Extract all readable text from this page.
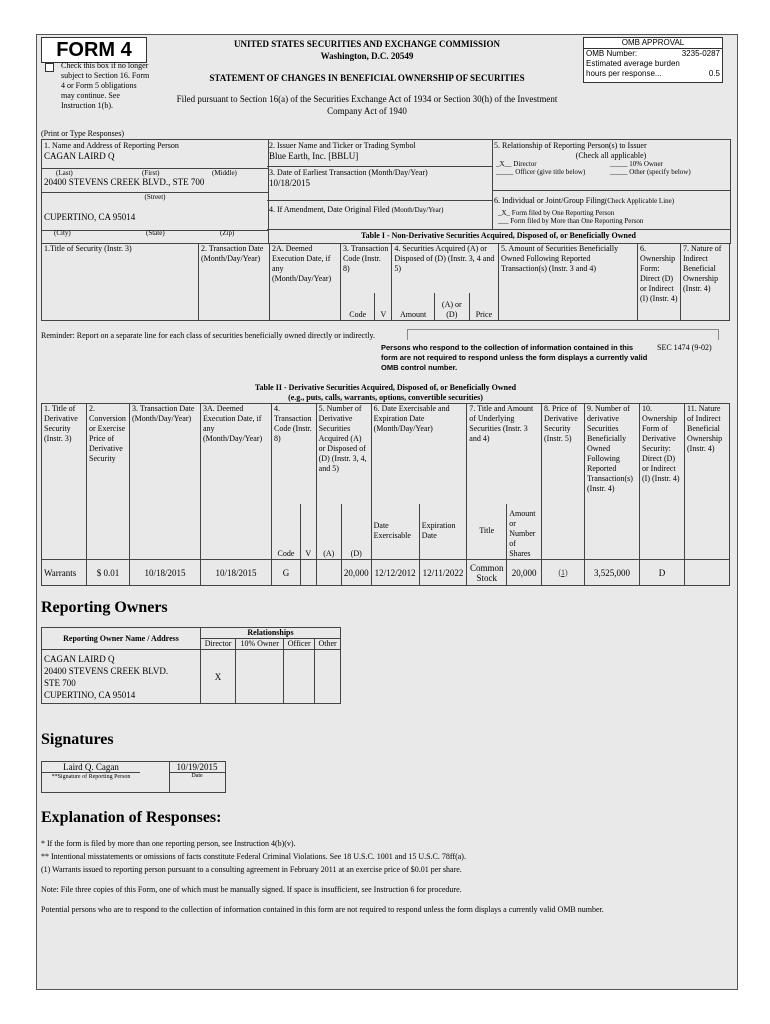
FORM 4
Check this box if no longer subject to Section 16. Form 4 or Form 5 obligations may continue. See Instruction 1(b).
UNITED STATES SECURITIES AND EXCHANGE COMMISSION
Washington, D.C. 20549
STATEMENT OF CHANGES IN BENEFICIAL OWNERSHIP OF SECURITIES
Filed pursuant to Section 16(a) of the Securities Exchange Act of 1934 or Section 30(h) of the Investment Company Act of 1940
OMB APPROVAL
OMB Number:	3235-0287
Estimated average burden
hours per response...	0.5
(Print or Type Responses)
1. Name and Address of Reporting Person
CAGAN LAIRD Q
(Last)	(First)	(Middle)
20400 STEVENS CREEK BLVD., STE 700
(Street)
CUPERTINO, CA 95014
(City)	(State)	(Zip)
2. Issuer Name and Ticker or Trading Symbol
Blue Earth, Inc. [BBLU]
3. Date of Earliest Transaction (Month/Day/Year)
10/18/2015
4. If Amendment, Date Original Filed (Month/Day/Year)
5. Relationship of Reporting Person(s) to Issuer
(Check all applicable)
_X__ Director	_____ 10% Owner
_____ Officer (give title below)	_____ Other (specify below)
6. Individual or Joint/Group Filing(Check Applicable Line)
_X_ Form filed by One Reporting Person
___ Form filed by More than One Reporting Person
Table I - Non-Derivative Securities Acquired, Disposed of, or Beneficially Owned
1.Title of Security (Instr. 3)	2. Transaction Date (Month/Day/Year)	2A. Deemed Execution Date, if any (Month/Day/Year)	3. Transaction Code (Instr. 8)		4. Securities Acquired (A) or Disposed of (D) (Instr. 3, 4 and 5)			5. Amount of Securities Beneficially Owned Following Reported Transaction(s) (Instr. 3 and 4)	6. Ownership Form: Direct (D) or Indirect (I) (Instr. 4)	7. Nature of Indirect Beneficial Ownership (Instr. 4)
			Code	V	Amount	(A) or (D)	Price			
Reminder: Report on a separate line for each class of securities beneficially owned directly or indirectly.
Persons who respond to the collection of information contained in this form are not required to respond unless the form displays a currently valid OMB control number.
SEC 1474 (9-02)
Table II - Derivative Securities Acquired, Disposed of, or Beneficially Owned
(e.g., puts, calls, warrants, options, convertible securities)
1. Title of Derivative Security (Instr. 3)	2. Conversion or Exercise Price of Derivative Security	3. Transaction Date (Month/Day/Year)	3A. Deemed Execution Date, if any (Month/Day/Year)	4. Transaction Code (Instr. 8)		5. Number of Derivative Securities Acquired (A) or Disposed of (D) (Instr. 3, 4, and 5)		6. Date Exercisable and Expiration Date (Month/Day/Year)		7. Title and Amount of Underlying Securities (Instr. 3 and 4)		8. Price of Derivative Security (Instr. 5)	9. Number of derivative Securities Beneficially Owned Following Reported Transaction(s) (Instr. 4)	10. Ownership Form of Derivative Security: Direct (D) or Indirect (I) (Instr. 4)	11. Nature of Indirect Beneficial Ownership (Instr. 4)
				Code	V	(A)	(D)	Date Exercisable	Expiration Date	Title	Amount or Number of Shares				
Warrants	$ 0.01	10/18/2015	10/18/2015	G			20,000	12/12/2012	12/11/2022	Common Stock	20,000	(1)	3,525,000	D	
Reporting Owners
Reporting Owner Name / Address	Relationships			
	Director	10% Owner	Officer	Other

CAGAN LAIRD Q
20400 STEVENS CREEK BLVD.
STE 700
CUPERTINO, CA 95014	X			
Signatures
Laird Q. Cagan
**Signature of Reporting Person
10/19/2015
Date
Explanation of Responses:
* If the form is filed by more than one reporting person, see Instruction 4(b)(v).
** Intentional misstatements or omissions of facts constitute Federal Criminal Violations. See 18 U.S.C. 1001 and 15 U.S.C. 78ff(a).
(1) Warrants issued to reporting person pursuant to a consulting agreement in February 2011 at an exercise price of $0.01 per share.
Note: File three copies of this Form, one of which must be manually signed. If space is insufficient, see Instruction 6 for procedure.
Potential persons who are to respond to the collection of information contained in this form are not required to respond unless the form displays a currently valid OMB number.
